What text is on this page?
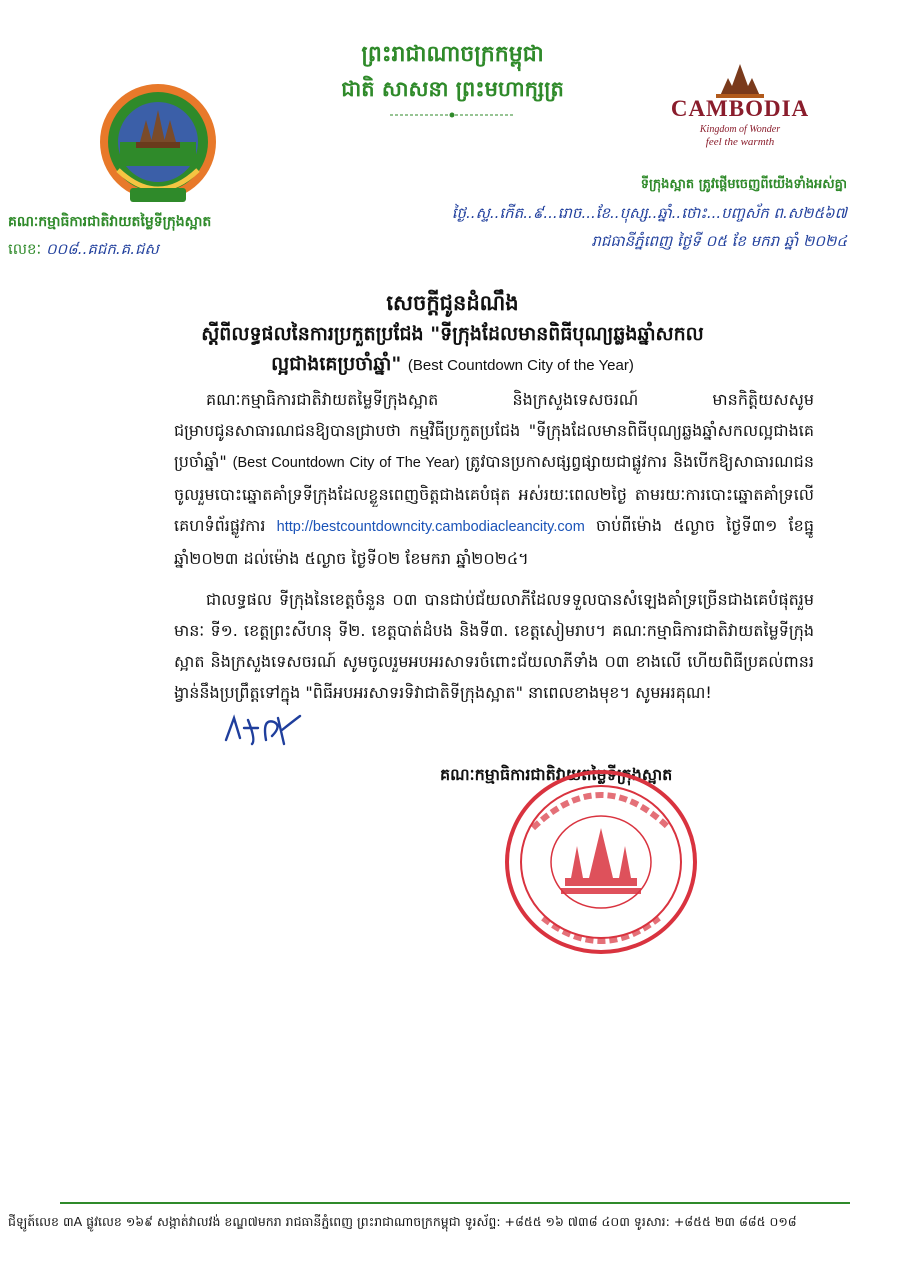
ព្រះរាជាណាចក្រកម្ពុជា
ជាតិ សាសនា ព្រះមហាក្សត្រ
គណៈកម្មាធិការជាតិវាយតម្លៃទីក្រុងស្អាត
លេខៈ ០០៨..គជក.គ.ជស
CAMBODIA
Kingdom of Wonder
feel the warmth
ទីក្រុងស្អាត ត្រូវផ្ដើមចេញពីយើងទាំងអស់គ្នា
ថ្ងៃ..ស្ទ..កើត..៩...រោច...ខែ..បុស្ស..ឆ្នាំ..ថោះ...បញ្ចស័ក ព.ស២៥៦៧
រាជធានីភ្នំពេញ ថ្ងៃទី ០៥ ខែ មករា ឆ្នាំ ២០២៤
សេចក្តីជូនដំណឹង
ស្តីពីលទ្ធផលនៃការប្រកួតប្រជែង "ទីក្រុងដែលមានពិធីបុណ្យឆ្លងឆ្នាំសកល
ល្អជាងគេប្រចាំឆ្នាំ" (Best Countdown City of the Year)
គណៈកម្មាធិការជាតិវាយតម្លៃទីក្រុងស្អាត និងក្រសួងទេសចរណ៍ មានកិត្តិយសសូមជម្រាបជូនសាធារណជនឱ្យបានជ្រាបថា កម្មវិធីប្រកួតប្រជែង "ទីក្រុងដែលមានពិធីបុណ្យឆ្លងឆ្នាំសកលល្អជាងគេប្រចាំឆ្នាំ" (Best Countdown City of The Year) ត្រូវបានប្រកាសផ្សព្វផ្សាយជាផ្លូវការ និងបើកឱ្យសាធារណជនចូលរួមបោះឆ្នោតគាំទ្រទីក្រុងដែលខ្លួនពេញចិត្តជាងគេបំផុត អស់រយៈពេល២ថ្ងៃ តាមរយៈការបោះឆ្នោតគាំទ្រលើគេហទំព័រផ្លូវការ http://bestcountdowncity.cambodiacleancity.com ចាប់ពីម៉ោង ៥ល្ងាច ថ្ងៃទី៣១ ខែធ្នូ ឆ្នាំ២០២៣ ដល់ម៉ោង ៥ល្ងាច ថ្ងៃទី០២ ខែមករា ឆ្នាំ២០២៤។
ជាលទ្ធផល ទីក្រុងនៃខេត្តចំនួន ០៣ បានជាប់ជ័យលាភីដែលទទួលបានសំឡេងគាំទ្រច្រើនជាងគេបំផុតរួមមានៈ ទី១. ខេត្តព្រះសីហនុ ទី២. ខេត្តបាត់ដំបង និងទី៣. ខេត្តសៀមរាប។ គណៈកម្មាធិការជាតិវាយតម្លៃទីក្រុងស្អាត និងក្រសួងទេសចរណ៍ សូមចូលរួមអបអរសាទរចំពោះជ័យលាភីទាំង ០៣ ខាងលើ ហើយពិធីប្រគល់ពានរង្វាន់នឹងប្រព្រឹត្តទៅក្នុង "ពិធីអបអរសាទរទិវាជាតិទីក្រុងស្អាត" នាពេលខាងមុខ។ សូមអរគុណ!
គណៈកម្មាធិការជាតិវាយតម្លៃទីក្រុងស្អាត
ជីឡូត៍លេខ ៣A ផ្លូវលេខ ១៦៩ សង្កាត់វាលវង់ ខណ្ឌ៧មករា រាជធានីភ្នំពេញ ព្រះរាជាណាចក្រកម្ពុជា ទូរស័ព្ទ: +៨៥៥ ១៦ ៧៣៨ ៤០៣ ទូរសារ: +៨៥៥ ២៣ ៨៨៥ ០១៨
